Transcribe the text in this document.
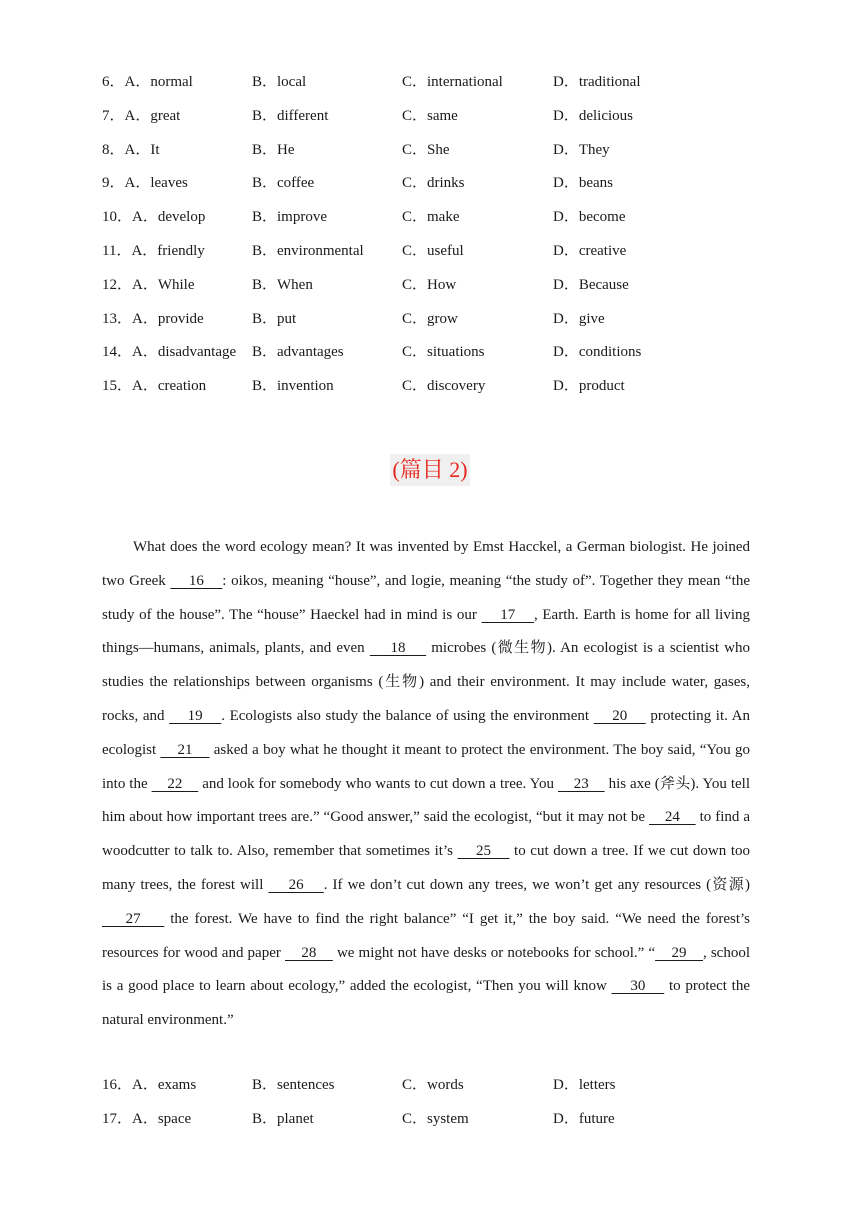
6．A．normal	B．local	C．international	D．traditional
7．A．great	B．different	C．same	D．delicious
8．A．It	B．He	C．She	D．They
9．A．leaves	B．coffee	C．drinks	D．beans
10．A．develop	B．improve	C．make	D．become
11．A．friendly	B．environmental	C．useful	D．creative
12．A．While	B．When	C．How	D．Because
13．A．provide	B．put	C．grow	D．give
14．A．disadvantage	B．advantages	C．situations	D．conditions
15．A．creation	B．invention	C．discovery	D．product
(篇目 2)

What does the word ecology mean? It was invented by Emst Hacckel, a German biologist. He joined two Greek     16    : oikos, meaning “house”, and logie, meaning “the study of”. Together they mean “the study of the house”. The “house” Haeckel had in mind is our     17    , Earth. Earth is home for all living things—humans, animals, plants, and even     18     microbes (微生物). An ecologist is a scientist who studies the relationships between organisms (生物) and their environment. It may include water, gases, rocks, and     19    . Ecologists also study the balance of using the environment     20     protecting it. An ecologist     21     asked a boy what he thought it meant to protect the environment. The boy said, “You go into the     22     and look for somebody who wants to cut down a tree. You     23     his axe (斧头). You tell him about how important trees are.” “Good answer,” said the ecologist, “but it may not be     24     to find a woodcutter to talk to. Also, remember that sometimes it’s     25     to cut down a tree. If we cut down too many trees, the forest will     26    . If we don’t cut down any trees, we won’t get any resources (资源)     27     the forest. We have to find the right balance” “I get it,” the boy said. “We need the forest’s resources for wood and paper     28     we might not have desks or notebooks for school.” “    29    , school is a good place to learn about ecology,” added the ecologist, “Then you will know     30     to protect the natural environment.”

16．A．exams	B．sentences	C．words	D．letters
17．A．space	B．planet	C．system	D．future
